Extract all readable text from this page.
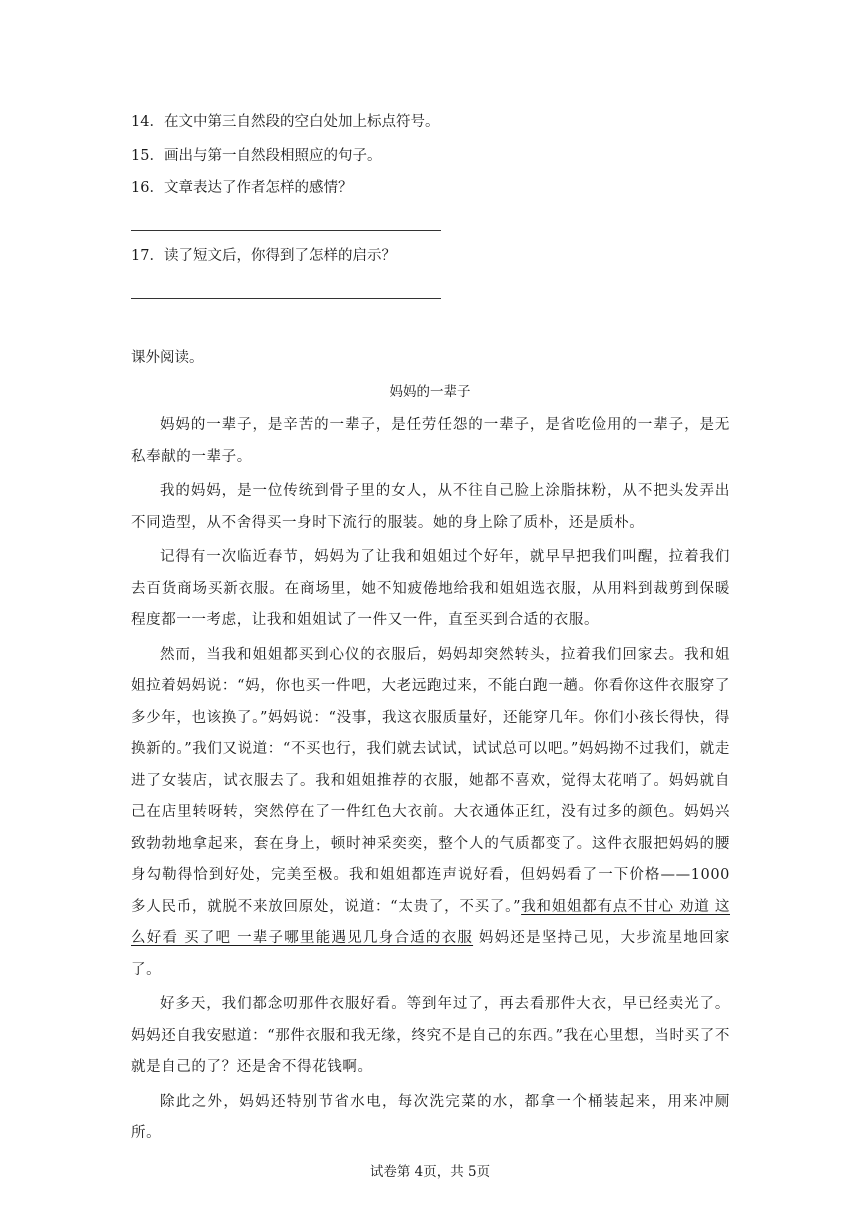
14．在文中第三自然段的空白处加上标点符号。
15．画出与第一自然段相照应的句子。
16．文章表达了作者怎样的感情？
17．读了短文后，你得到了怎样的启示？
课外阅读。
妈妈的一辈子

妈妈的一辈子，是辛苦的一辈子，是任劳任怨的一辈子，是省吃俭用的一辈子，是无私奉献的一辈子。

我的妈妈，是一位传统到骨子里的女人，从不往自己脸上涂脂抹粉，从不把头发弄出不同造型，从不舍得买一身时下流行的服装。她的身上除了质朴，还是质朴。

记得有一次临近春节，妈妈为了让我和姐姐过个好年，就早早把我们叫醒，拉着我们去百货商场买新衣服。在商场里，她不知疲倦地给我和姐姐选衣服，从用料到裁剪到保暖程度都一一考虑，让我和姐姐试了一件又一件，直至买到合适的衣服。

然而，当我和姐姐都买到心仪的衣服后，妈妈却突然转头，拉着我们回家去。我和姐姐拉着妈妈说：“妈，你也买一件吧，大老远跑过来，不能白跑一趟。你看你这件衣服穿了多少年，也该换了。”妈妈说：“没事，我这衣服质量好，还能穿几年。你们小孩长得快，得换新的。”我们又说道：“不买也行，我们就去试试，试试总可以吧。”妈妈拗不过我们，就走进了女装店，试衣服去了。我和姐姐推荐的衣服，她都不喜欢，觉得太花哨了。妈妈就自己在店里转呀转，突然停在了一件红色大衣前。大衣通体正红，没有过多的颜色。妈妈兴致勃勃地拿起来，套在身上，顿时神采奕奕，整个人的气质都变了。这件衣服把妈妈的腰身勾勒得恰到好处，完美至极。我和姐姐都连声说好看，但妈妈看了一下价格——1000 多人民币，就脱不来放回原处，说道：“太贵了，不买了。”我和姐姐都有点不甘心 劝道 这么好看 买了吧 一辈子哪里能遇见几身合适的衣服 妈妈还是坚持己见，大步流星地回家了。

好多天，我们都念叨那件衣服好看。等到年过了，再去看那件大衣，早已经卖光了。妈妈还自我安慰道：“那件衣服和我无缘，终究不是自己的东西。”我在心里想，当时买了不就是自己的了？还是舍不得花钱啊。

除此之外，妈妈还特别节省水电，每次洗完菜的水，都拿一个桶装起来，用来冲厕所。

试卷第 4页，共 5页
